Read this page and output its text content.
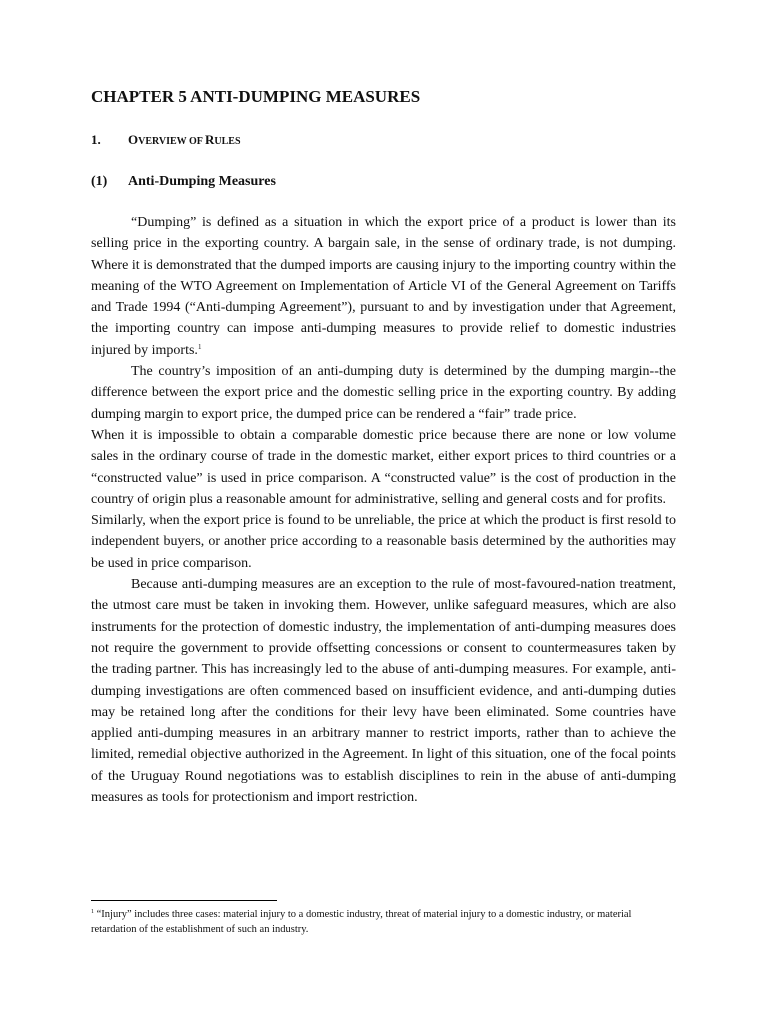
CHAPTER 5 ANTI-DUMPING MEASURES
1. OVERVIEW OF RULES
(1) Anti-Dumping Measures

“Dumping” is defined as a situation in which the export price of a product is lower than its selling price in the exporting country. A bargain sale, in the sense of ordinary trade, is not dumping. Where it is demonstrated that the dumped imports are causing injury to the importing country within the meaning of the WTO Agreement on Implementation of Article VI of the General Agreement on Tariffs and Trade 1994 (“Anti-dumping Agreement”), pursuant to and by investigation under that Agreement, the importing country can impose anti-dumping measures to provide relief to domestic industries injured by imports.$^1$

The country’s imposition of an anti-dumping duty is determined by the dumping margin--the difference between the export price and the domestic selling price in the exporting country. By adding dumping margin to export price, the dumped price can be rendered a “fair” trade price.

When it is impossible to obtain a comparable domestic price because there are none or low volume sales in the ordinary course of trade in the domestic market, either export prices to third countries or a “constructed value” is used in price comparison. A “constructed value” is the cost of production in the country of origin plus a reasonable amount for administrative, selling and general costs and for profits.

Similarly, when the export price is found to be unreliable, the price at which the product is first resold to independent buyers, or another price according to a reasonable basis determined by the authorities may be used in price comparison.

Because anti-dumping measures are an exception to the rule of most-favoured-nation treatment, the utmost care must be taken in invoking them. However, unlike safeguard measures, which are also instruments for the protection of domestic industry, the implementation of anti-dumping measures does not require the government to provide offsetting concessions or consent to countermeasures taken by the trading partner. This has increasingly led to the abuse of anti-dumping measures. For example, anti-dumping investigations are often commenced based on insufficient evidence, and anti-dumping duties may be retained long after the conditions for their levy have been eliminated. Some countries have applied anti-dumping measures in an arbitrary manner to restrict imports, rather than to achieve the limited, remedial objective authorized in the Agreement. In light of this situation, one of the focal points of the Uruguay Round negotiations was to establish disciplines to rein in the abuse of anti-dumping measures as tools for protectionism and import restriction.

$^1$ “Injury” includes three cases: material injury to a domestic industry, threat of material injury to a domestic industry, or material retardation of the establishment of such an industry.
